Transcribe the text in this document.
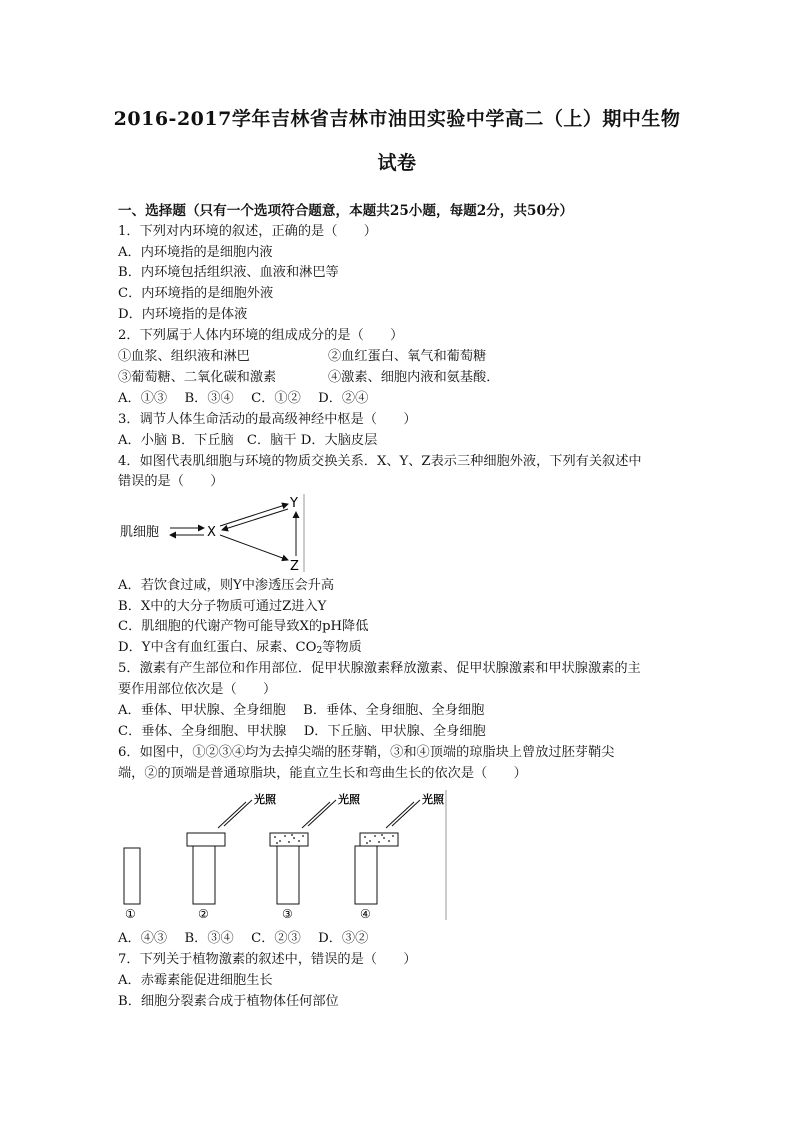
2016-2017学年吉林省吉林市油田实验中学高二（上）期中生物
试卷
一、选择题（只有一个选项符合题意，本题共25小题，每题2分，共50分）
1．下列对内环境的叙述，正确的是（　　）
A．内环境指的是细胞内液
B．内环境包括组织液、血液和淋巴等
C．内环境指的是细胞外液
D．内环境指的是体液
2．下列属于人体内环境的组成成分的是（　　）
①血浆、组织液和淋巴	②血红蛋白、氧气和葡萄糖
③葡萄糖、二氧化碳和激素	④激素、细胞内液和氨基酸．
A．①③　 B．③④　 C．①②　 D．②④
3．调节人体生命活动的最高级神经中枢是（　　）
A．小脑 B．下丘脑　C．脑干 D．大脑皮层
4．如图代表肌细胞与环境的物质交换关系．X、Y、Z表示三种细胞外液，下列有关叙述中
错误的是（　　）
肌细胞	X
Y
Z
A．若饮食过咸，则Y中渗透压会升高
B．X中的大分子物质可通过Z进入Y
C．肌细胞的代谢产物可能导致X的pH降低
D．Y中含有血红蛋白、尿素、$CO_2$等物质
5．激素有产生部位和作用部位．促甲状腺激素释放激素、促甲状腺激素和甲状腺激素的主
要作用部位依次是（　　）
A．垂体、甲状腺、全身细胞　 B．垂体、全身细胞、全身细胞
C．垂体、全身细胞、甲状腺　 D．下丘脑、甲状腺、全身细胞
6．如图中，①②③④均为去掉尖端的胚芽鞘，③和④顶端的琼脂块上曾放过胚芽鞘尖
端，②的顶端是普通琼脂块，能直立生长和弯曲生长的依次是（　　）
光照	光照	光照
①	②	③	④
A．④③　 B．③④　 C．②③　 D．③②
7．下列关于植物激素的叙述中，错误的是（　　）
A．赤霉素能促进细胞生长
B．细胞分裂素合成于植物体任何部位
